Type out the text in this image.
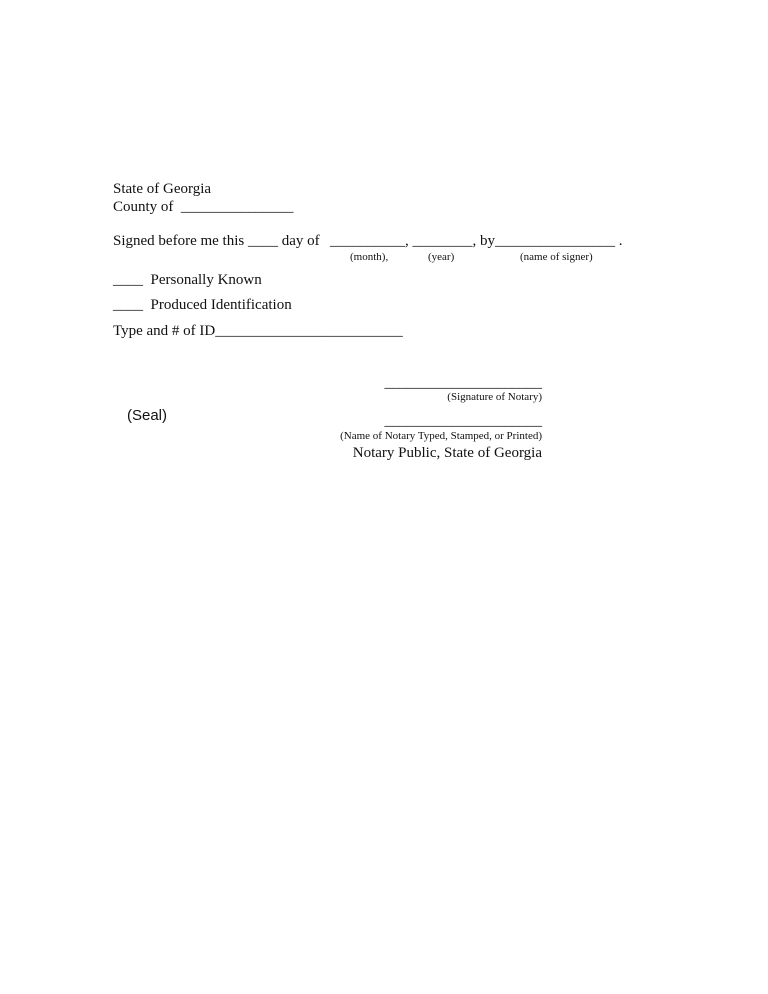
State of Georgia
County of  _______________
Signed before me this ____ day of __________, ________, by________________ .
(month),	(year)	(name of signer)
____  Personally Known
____  Produced Identification
Type and # of ID_________________________
_____________________
(Signature of Notary)
(Seal)	_____________________
(Name of Notary Typed, Stamped, or Printed)
Notary Public, State of Georgia
